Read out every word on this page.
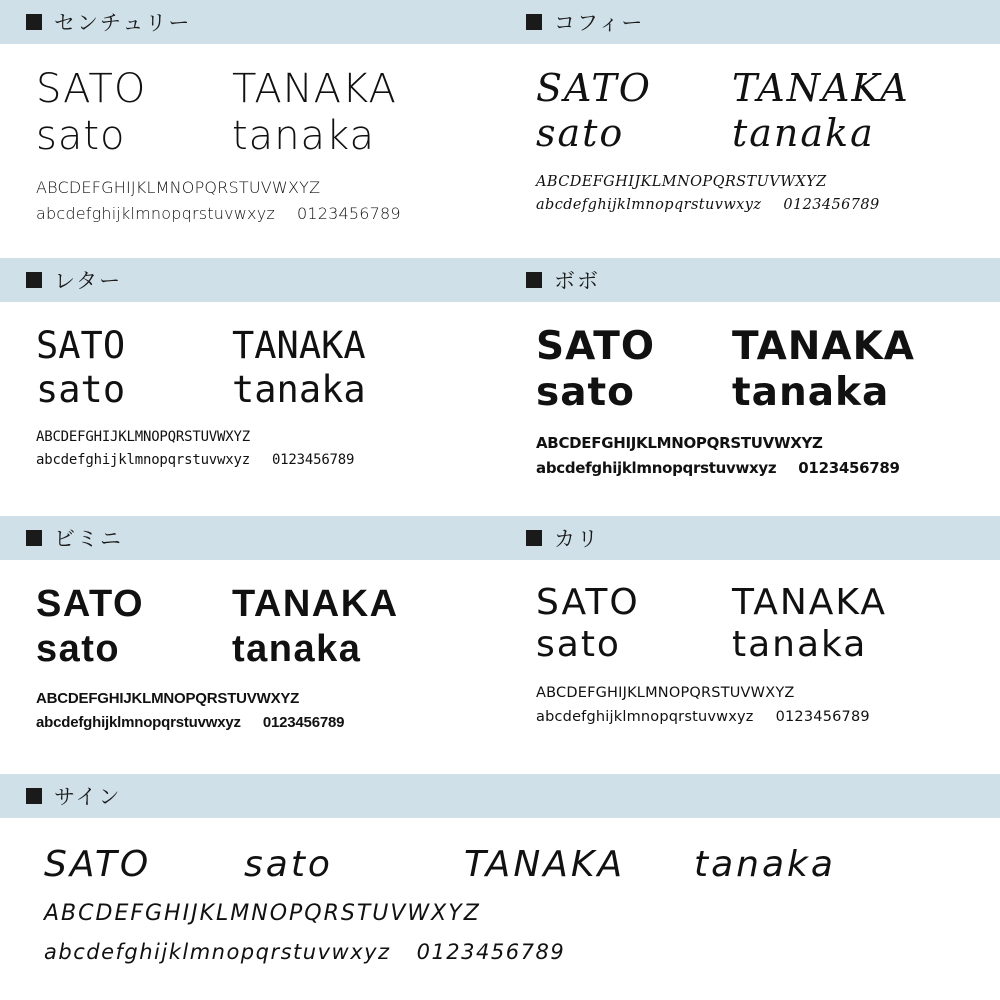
センチュリー
SATO	TANAKA
sato	tanaka
ABCDEFGHIJKLMNOPQRSTUVWXYZ
abcdefghijklmnopqrstuvwxyz 0123456789
コフィー
SATO	TANAKA
sato	tanaka
ABCDEFGHIJKLMNOPQRSTUVWXYZ
abcdefghijklmnopqrstuvwxyz 0123456789
レター
SATO	TANAKA
sato	tanaka
ABCDEFGHIJKLMNOPQRSTUVWXYZ
abcdefghijklmnopqrstuvwxyz 0123456789
ボボ
SATO	TANAKA
sato	tanaka
ABCDEFGHIJKLMNOPQRSTUVWXYZ
abcdefghijklmnopqrstuvwxyz 0123456789
ビミニ
SATO	TANAKA
sato	tanaka
ABCDEFGHIJKLMNOPQRSTUVWXYZ
abcdefghijklmnopqrstuvwxyz 0123456789
カリ
SATO	TANAKA
sato	tanaka
ABCDEFGHIJKLMNOPQRSTUVWXYZ
abcdefghijklmnopqrstuvwxyz 0123456789
サイン
SATO	sato	TANAKA	tanaka
ABCDEFGHIJKLMNOPQRSTUVWXYZ
abcdefghijklmnopqrstuvwxyz 0123456789
